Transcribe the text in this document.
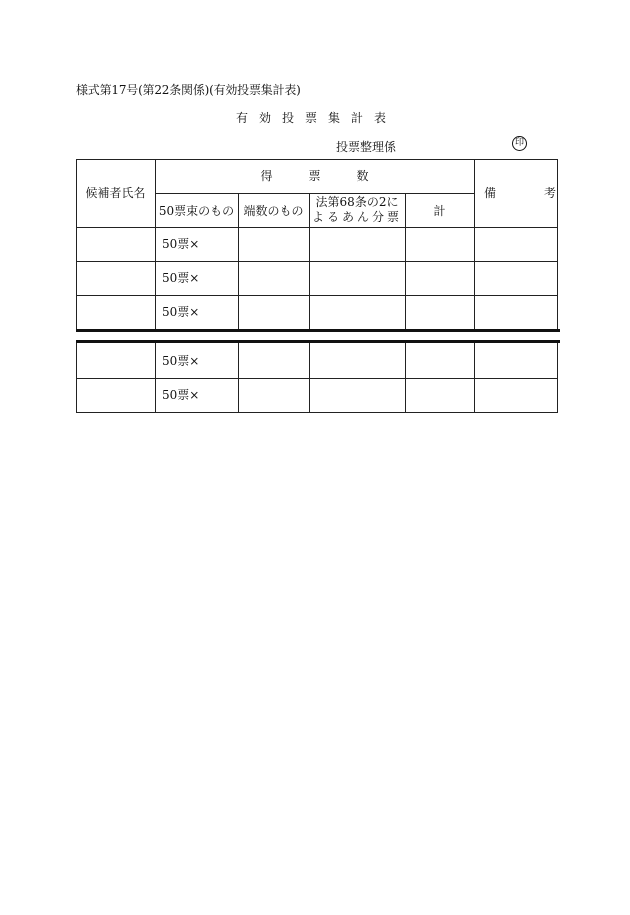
様式第17号(第22条関係)(有効投票集計表)
有効投票集計表
投票整理係	印
候補者氏名
得　　　票　　　数
備　　　　考
50票束のもの 端数のもの
法第68条の2に
よるあん分票	計
50票×
50票×
50票×
50票×
50票×
